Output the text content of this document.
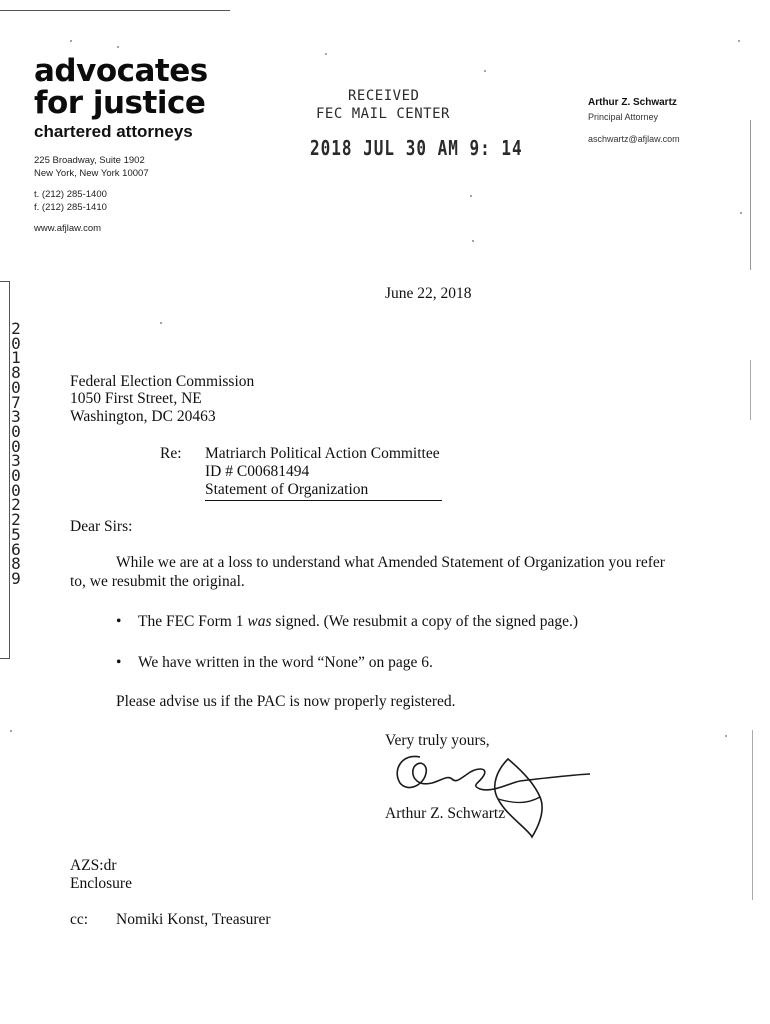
advocates
for justice
chartered attorneys
225 Broadway, Suite 1902
New York, New York 10007
t. (212) 285-1400
f. (212) 285-1410
www.afjlaw.com
Arthur Z. Schwartz
Principal Attorney
aschwartz@afjlaw.com
RECEIVED
FEC MAIL CENTER
2018 JUL 30 AM 9: 14
2
0
1
8
0
7
3
0
0
3
0
0
2
2
5
6
8
9
June 22, 2018
Federal Election Commission
1050 First Street, NE
Washington, DC 20463
Re: Matriarch Political Action Committee
ID # C00681494
Statement of Organization
Dear Sirs:
While we are at a loss to understand what Amended Statement of Organization you refer
to, we resubmit the original.
• The FEC Form 1 was signed. (We resubmit a copy of the signed page.)
• We have written in the word “None” on page 6.
Please advise us if the PAC is now properly registered.
Very truly yours,
Arthur Z. Schwartz
AZS:dr
Enclosure
cc: Nomiki Konst, Treasurer
